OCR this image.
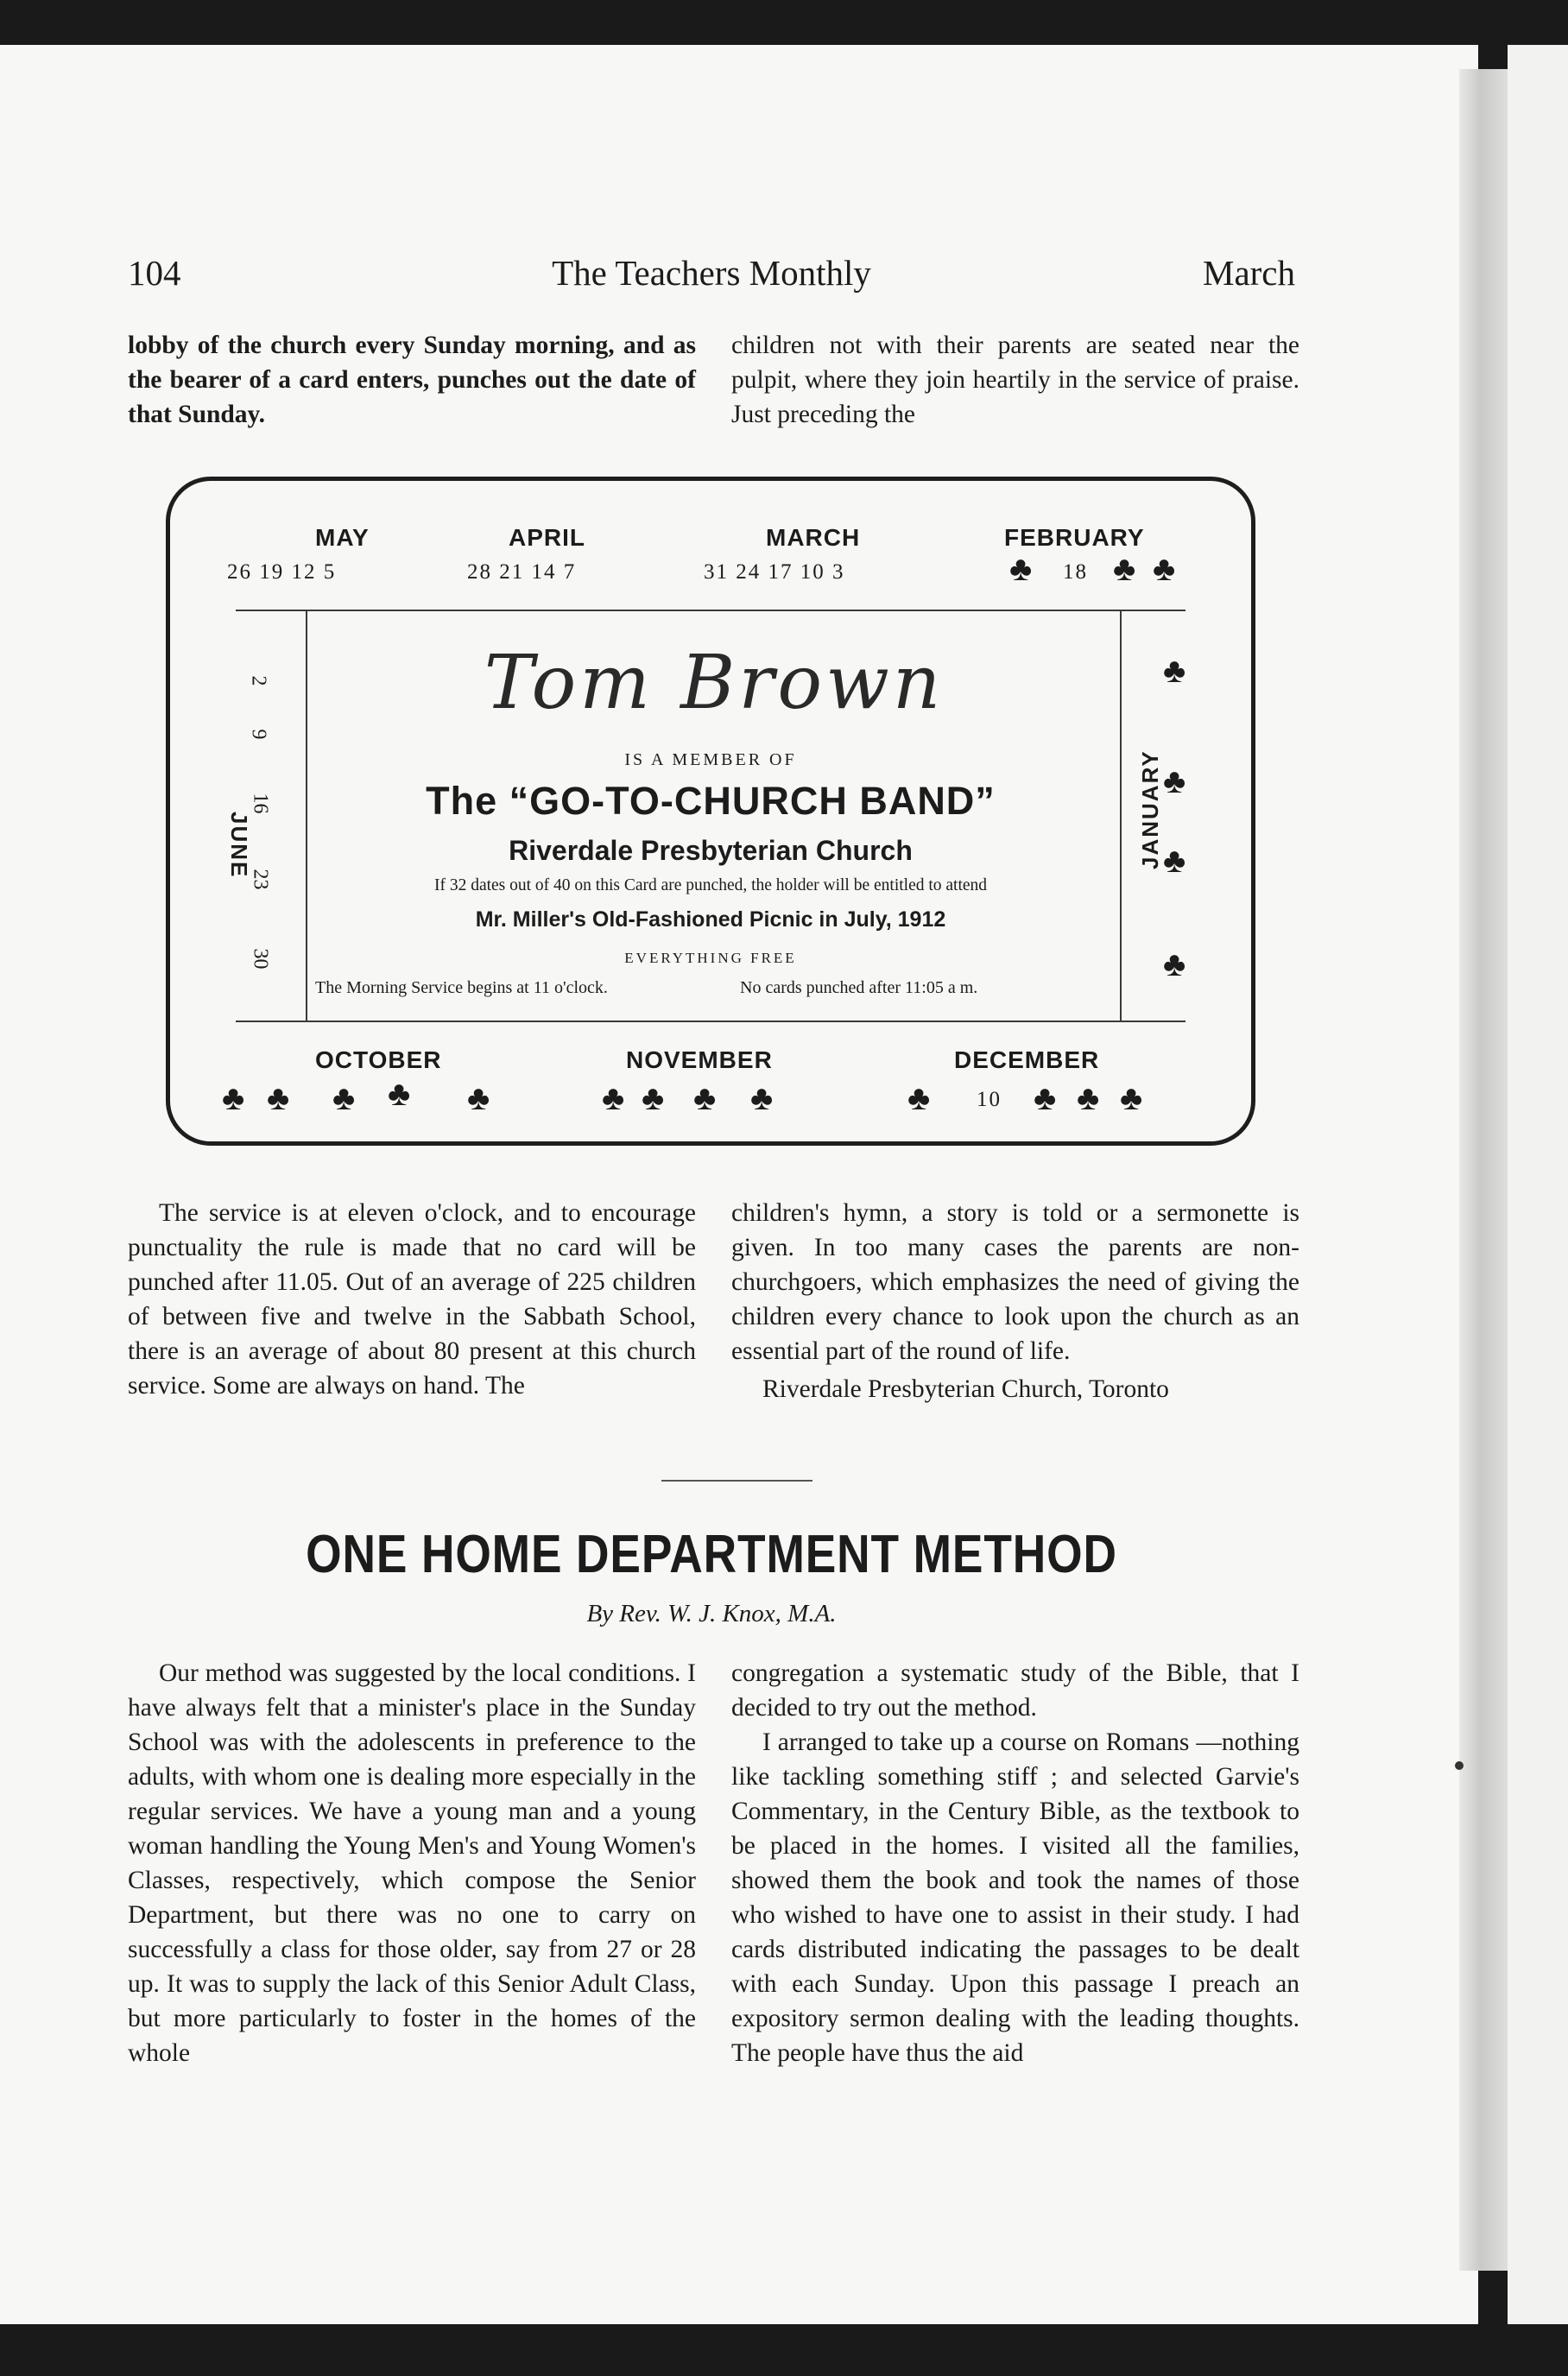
104	The Teachers Monthly	March

lobby of the church every Sunday morning, and as the bearer of a card enters, punches out the date of that Sunday.

children not with their parents are seated near the pulpit, where they join heartily in the service of praise. Just preceding the

MAY	APRIL	MARCH	FEBRUARY
26 19 12 5	28 21 14 7	31 24 17 10 3	♣ 18 ♣ ♣
2
9
16
23
30
JUNE	JANUARY
♣
♣
♣
♣
Tom Brown
IS A MEMBER OF
The “GO-TO-CHURCH BAND”
Riverdale Presbyterian Church
If 32 dates out of 40 on this Card are punched, the holder will be entitled to attend
Mr. Miller's Old-Fashioned Picnic in July, 1912
EVERYTHING FREE
The Morning Service begins at 11 o'clock.	No cards punched after 11:05 a m.
OCTOBER	NOVEMBER	DECEMBER
♣ ♣ ♣ ♣ ♣	♣ ♣ ♣ ♣	♣ 10 ♣ ♣ ♣

The service is at eleven o'clock, and to encourage punctuality the rule is made that no card will be punched after 11.05. Out of an average of 225 children of between five and twelve in the Sabbath School, there is an average of about 80 present at this church service. Some are always on hand. The

children's hymn, a story is told or a sermonette is given. In too many cases the parents are non-churchgoers, which emphasizes the need of giving the children every chance to look upon the church as an essential part of the round of life.

Riverdale Presbyterian Church, Toronto

ONE HOME DEPARTMENT METHOD
By Rev. W. J. Knox, M.A.

Our method was suggested by the local conditions. I have always felt that a minister's place in the Sunday School was with the adolescents in preference to the adults, with whom one is dealing more especially in the regular services. We have a young man and a young woman handling the Young Men's and Young Women's Classes, respectively, which compose the Senior Department, but there was no one to carry on successfully a class for those older, say from 27 or 28 up. It was to supply the lack of this Senior Adult Class, but more particularly to foster in the homes of the whole

congregation a systematic study of the Bible, that I decided to try out the method.

I arranged to take up a course on Romans —nothing like tackling something stiff ; and selected Garvie's Commentary, in the Century Bible, as the textbook to be placed in the homes. I visited all the families, showed them the book and took the names of those who wished to have one to assist in their study. I had cards distributed indicating the passages to be dealt with each Sunday. Upon this passage I preach an expository sermon dealing with the leading thoughts. The people have thus the aid
